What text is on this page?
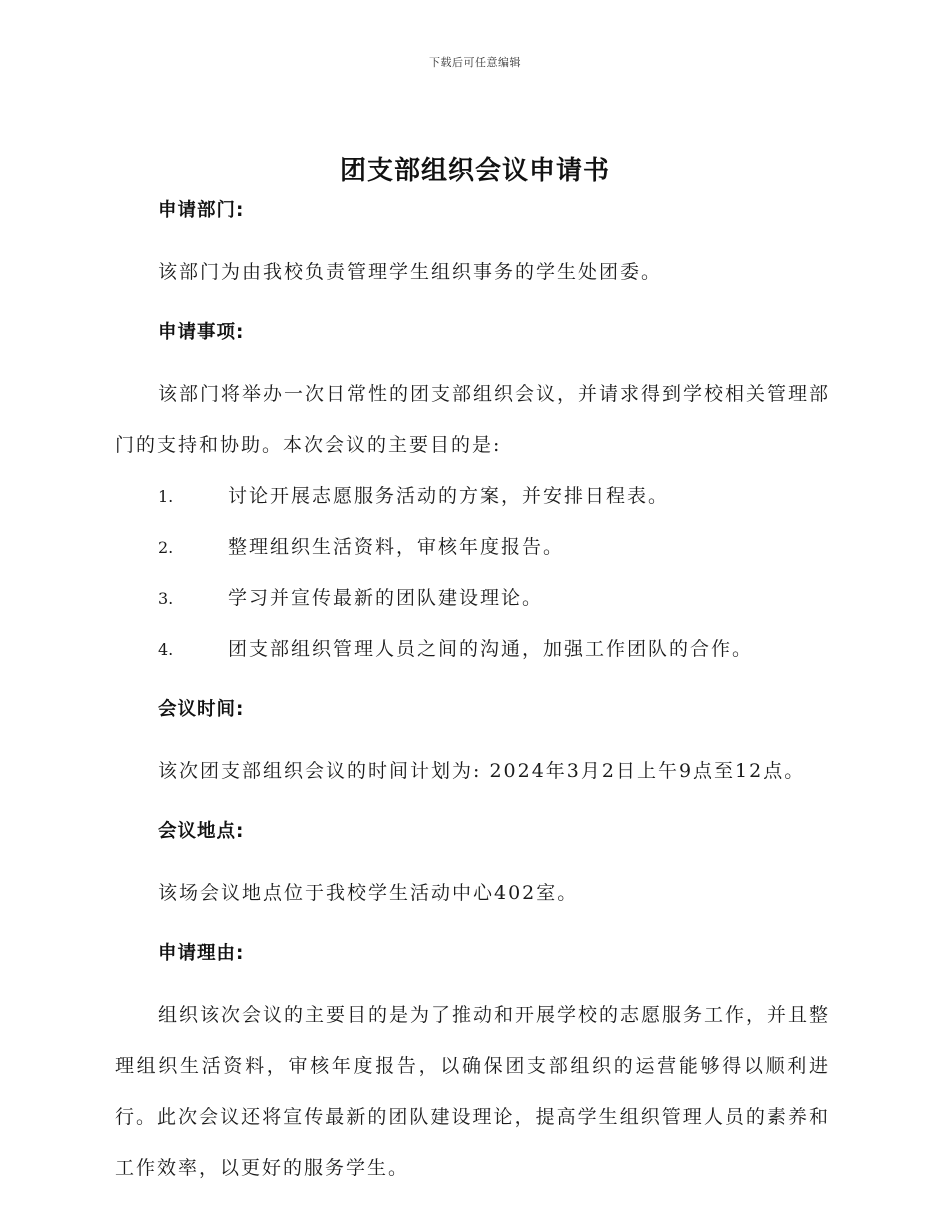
下载后可任意编辑
团支部组织会议申请书
申请部门:
该部门为由我校负责管理学生组织事务的学生处团委。
申请事项:
该部门将举办一次日常性的团支部组织会议，并请求得到学校相关管理部门的支持和协助。本次会议的主要目的是:
1.	讨论开展志愿服务活动的方案，并安排日程表。
2.	整理组织生活资料，审核年度报告。
3.	学习并宣传最新的团队建设理论。
4.	团支部组织管理人员之间的沟通，加强工作团队的合作。
会议时间:
该次团支部组织会议的时间计划为: 2024年3月2日上午9点至12点。
会议地点:
该场会议地点位于我校学生活动中心402室。
申请理由:
组织该次会议的主要目的是为了推动和开展学校的志愿服务工作，并且整理组织生活资料，审核年度报告，以确保团支部组织的运营能够得以顺利进行。此次会议还将宣传最新的团队建设理论，提高学生组织管理人员的素养和工作效率，以更好的服务学生。
